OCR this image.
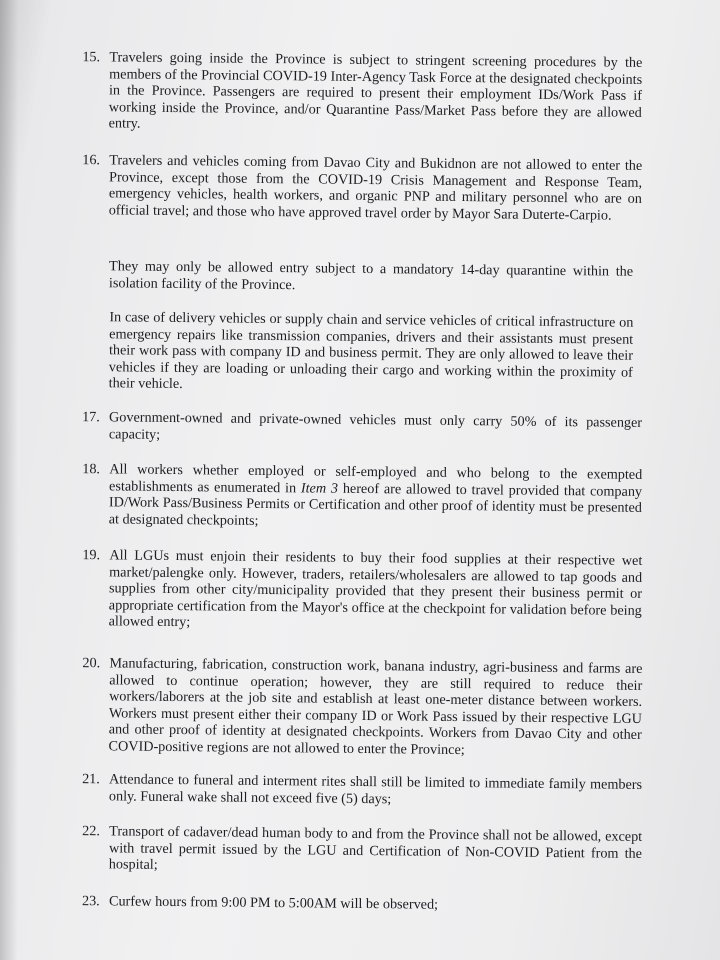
15. Travelers going inside the Province is subject to stringent screening procedures by the members of the Provincial COVID-19 Inter-Agency Task Force at the designated checkpoints in the Province. Passengers are required to present their employment IDs/Work Pass if working inside the Province, and/or Quarantine Pass/Market Pass before they are allowed entry.

16. Travelers and vehicles coming from Davao City and Bukidnon are not allowed to enter the Province, except those from the COVID-19 Crisis Management and Response Team, emergency vehicles, health workers, and organic PNP and military personnel who are on official travel; and those who have approved travel order by Mayor Sara Duterte-Carpio.

They may only be allowed entry subject to a mandatory 14-day quarantine within the isolation facility of the Province.
In case of delivery vehicles or supply chain and service vehicles of critical infrastructure on emergency repairs like transmission companies, drivers and their assistants must present their work pass with company ID and business permit. They are only allowed to leave their vehicles if they are loading or unloading their cargo and working within the proximity of their vehicle.
17. Government-owned and private-owned vehicles must only carry 50% of its passenger capacity;

18. All workers whether employed or self-employed and who belong to the exempted establishments as enumerated in Item 3 hereof are allowed to travel provided that company ID/Work Pass/Business Permits or Certification and other proof of identity must be presented at designated checkpoints;

19. All LGUs must enjoin their residents to buy their food supplies at their respective wet market/palengke only. However, traders, retailers/wholesalers are allowed to tap goods and supplies from other city/municipality provided that they present their business permit or appropriate certification from the Mayor's office at the checkpoint for validation before being allowed entry;

20. Manufacturing, fabrication, construction work, banana industry, agri-business and farms are allowed to continue operation; however, they are still required to reduce their workers/laborers at the job site and establish at least one-meter distance between workers. Workers must present either their company ID or Work Pass issued by their respective LGU and other proof of identity at designated checkpoints. Workers from Davao City and other COVID-positive regions are not allowed to enter the Province;

21. Attendance to funeral and interment rites shall still be limited to immediate family members only. Funeral wake shall not exceed five (5) days;

22. Transport of cadaver/dead human body to and from the Province shall not be allowed, except with travel permit issued by the LGU and Certification of Non-COVID Patient from the hospital;

23. Curfew hours from 9:00 PM to 5:00AM will be observed;
